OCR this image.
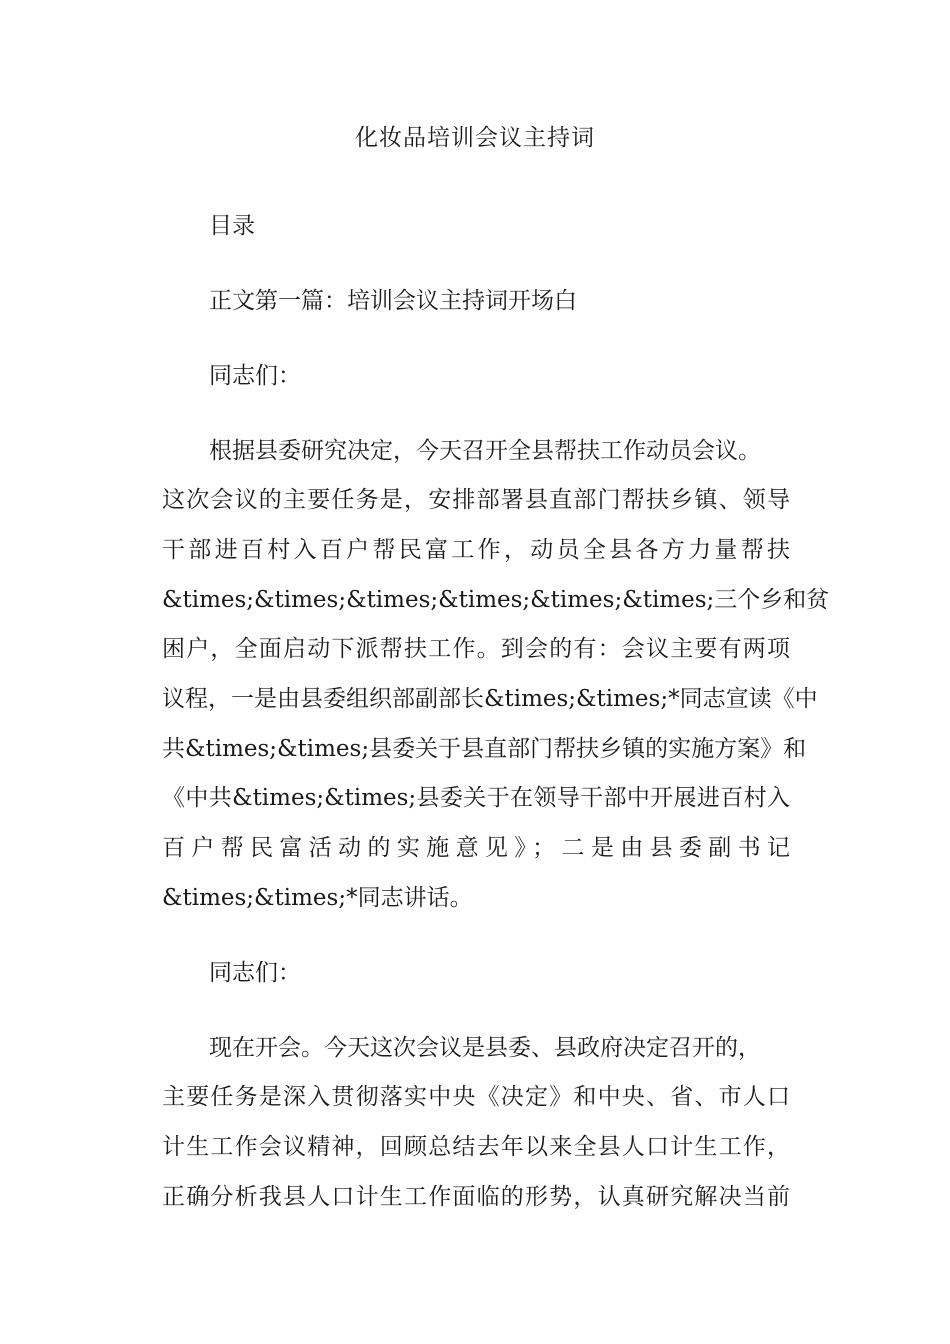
化妆品培训会议主持词
目录
正文第一篇：培训会议主持词开场白
同志们：
根据县委研究决定，今天召开全县帮扶工作动员会议。
这次会议的主要任务是，安排部署县直部门帮扶乡镇、领导
干部进百村入百户帮民富工作，动员全县各方力量帮扶
&times;&times;&times;&times;&times;&times;三个乡和贫
困户，全面启动下派帮扶工作。到会的有：会议主要有两项
议程，一是由县委组织部副部长&times;&times;*同志宣读《中
共&times;&times;县委关于县直部门帮扶乡镇的实施方案》和
《中共&times;&times;县委关于在领导干部中开展进百村入
百户帮民富活动的实施意见》；二是由县委副书记
&times;&times;*同志讲话。
同志们：
现在开会。今天这次会议是县委、县政府决定召开的，
主要任务是深入贯彻落实中央《决定》和中央、省、市人口
计生工作会议精神，回顾总结去年以来全县人口计生工作，
正确分析我县人口计生工作面临的形势，认真研究解决当前
